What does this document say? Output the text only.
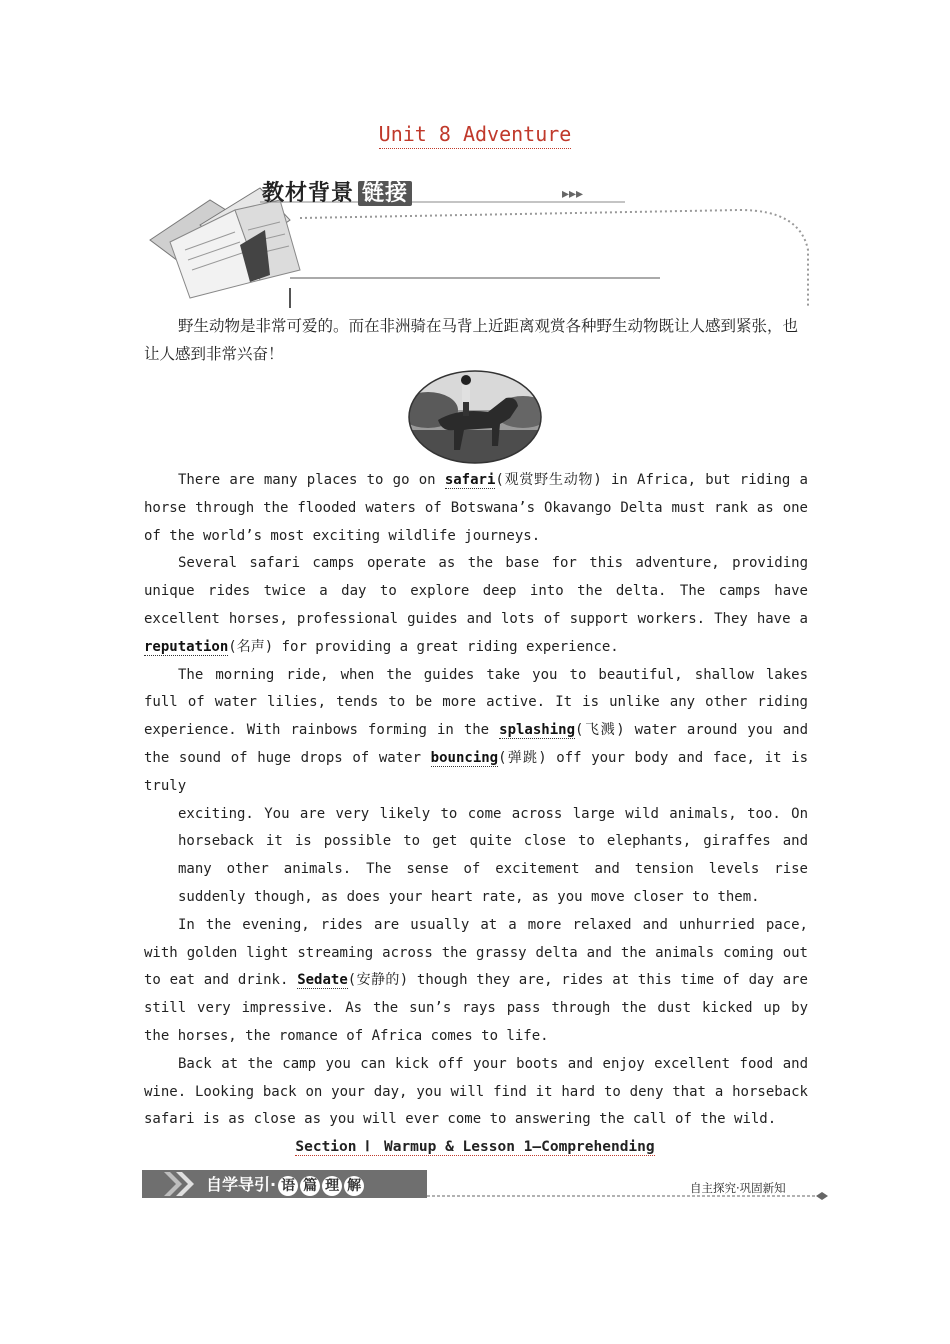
Unit 8 Adventure
▸▸▸
教材背景 链接
野生动物是非常可爱的。而在非洲骑在马背上近距离观赏各种野生动物既让人感到紧张，也让人感到非常兴奋！

There are many places to go on safari(观赏野生动物) in Africa, but riding a horse through the flooded waters of Botswana’s Okavango Delta must rank as one of the world’s most exciting wildlife journeys.

Several safari camps operate as the base for this adventure, providing unique rides twice a day to explore deep into the delta. The camps have excellent horses, professional guides and lots of support workers. They have a reputation(名声) for providing a great riding experience.

The morning ride, when the guides take you to beautiful, shallow lakes full of water lilies, tends to be more active. It is unlike any other riding experience. With rainbows forming in the splashing(飞溅) water around you and the sound of huge drops of water bouncing(弹跳) off your body and face, it is truly

exciting. You are very likely to come across large wild animals, too. On horseback it is possible to get quite close to elephants, giraffes and many other animals. The sense of excitement and tension levels rise suddenly though, as does your heart rate, as you move closer to them.

In the evening, rides are usually at a more relaxed and unhurried pace, with golden light streaming across the grassy delta and the animals coming out to eat and drink. Sedate(安静的) though they are, rides at this time of day are still very impressive. As the sun’s rays pass through the dust kicked up by the horses, the romance of Africa comes to life.

Back at the camp you can kick off your boots and enjoy excellent food and wine. Looking back on your day, you will find it hard to deny that a horseback safari is as close as you will ever come to answering the call of the wild.

Section Ⅰ　Warmup & Lesson 1—Comprehending
自学导引· 语 篇 理 解	自主探究·巩固新知
